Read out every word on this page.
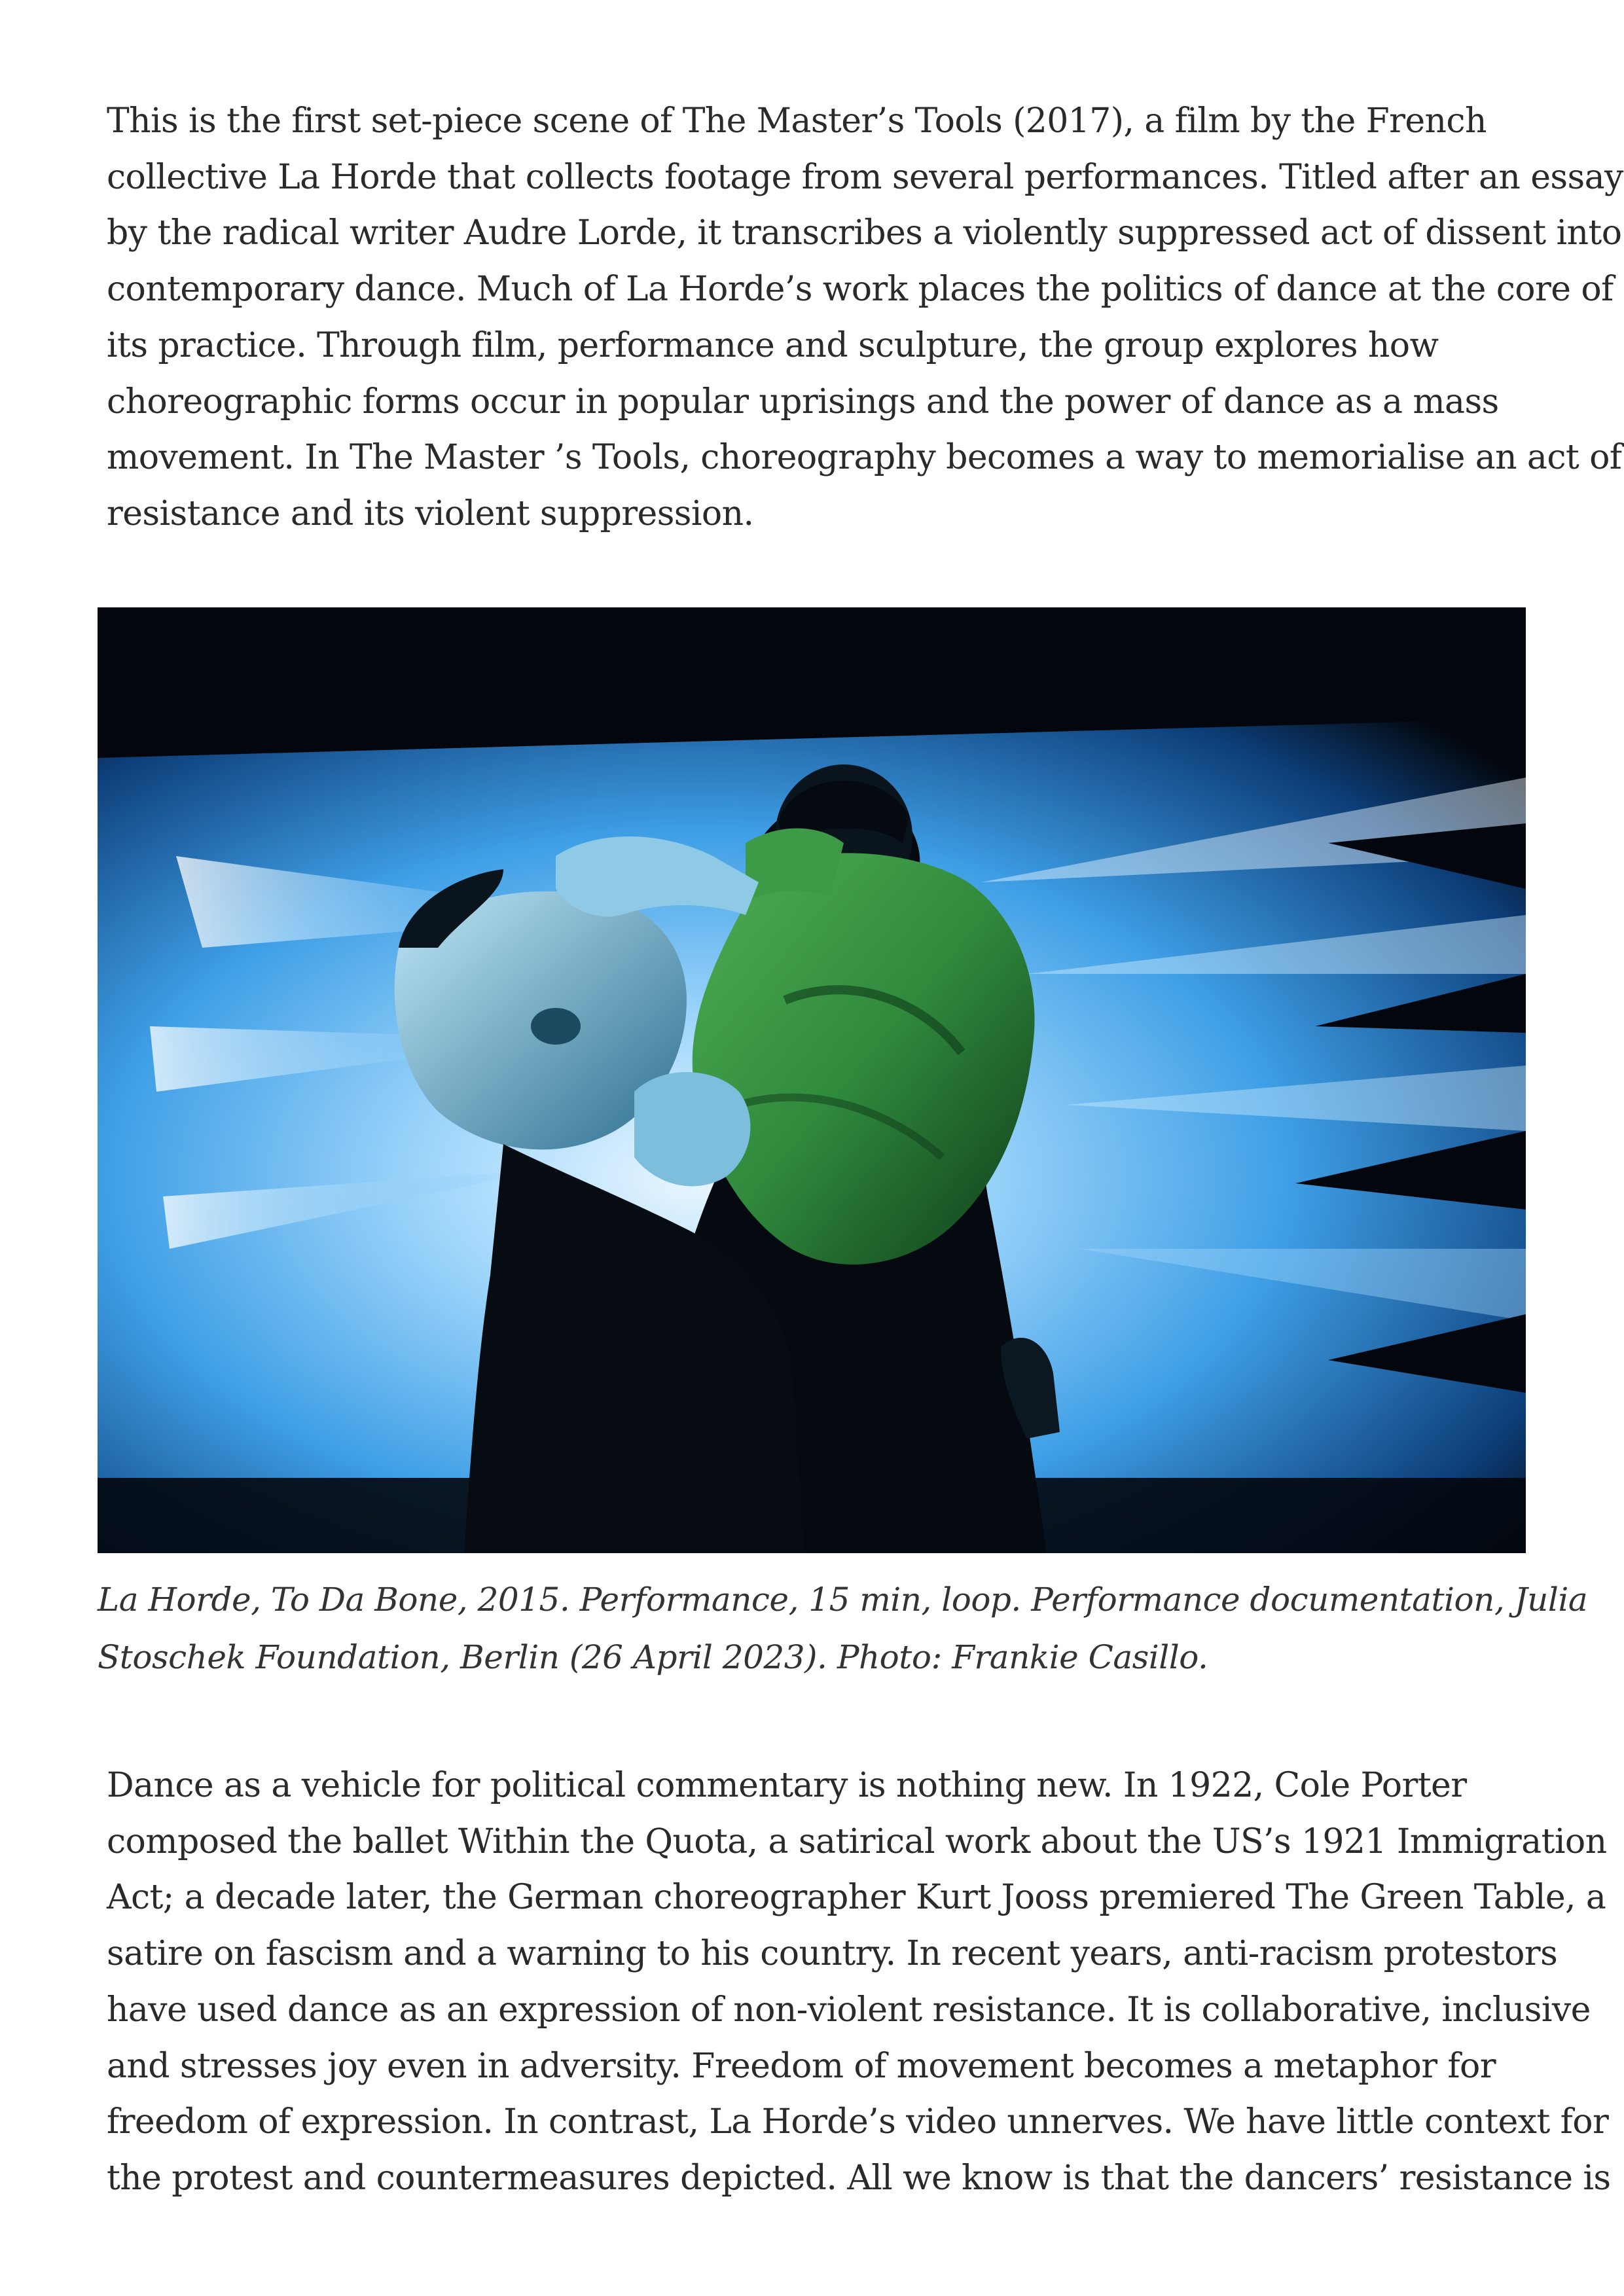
This is the first set-piece scene of The Master’s Tools (2017), a film by the French
collective La Horde that collects footage from several performances. Titled after an essay
by the radical writer Audre Lorde, it transcribes a violently suppressed act of dissent into
contemporary dance. Much of La Horde’s work places the politics of dance at the core of
its practice. Through film, performance and sculpture, the group explores how
choreographic forms occur in popular uprisings and the power of dance as a mass
movement. In The Master ’s Tools, choreography becomes a way to memorialise an act of
resistance and its violent suppression.
La Horde, To Da Bone, 2015. Performance, 15 min, loop. Performance documentation, Julia
Stoschek Foundation, Berlin (26 April 2023). Photo: Frankie Casillo.
Dance as a vehicle for political commentary is nothing new. In 1922, Cole Porter
composed the ballet Within the Quota, a satirical work about the US’s 1921 Immigration
Act; a decade later, the German choreographer Kurt Jooss premiered The Green Table, a
satire on fascism and a warning to his country. In recent years, anti-racism protestors
have used dance as an expression of non-violent resistance. It is collaborative, inclusive
and stresses joy even in adversity. Freedom of movement becomes a metaphor for
freedom of expression. In contrast, La Horde’s video unnerves. We have little context for
the protest and countermeasures depicted. All we know is that the dancers’ resistance is
